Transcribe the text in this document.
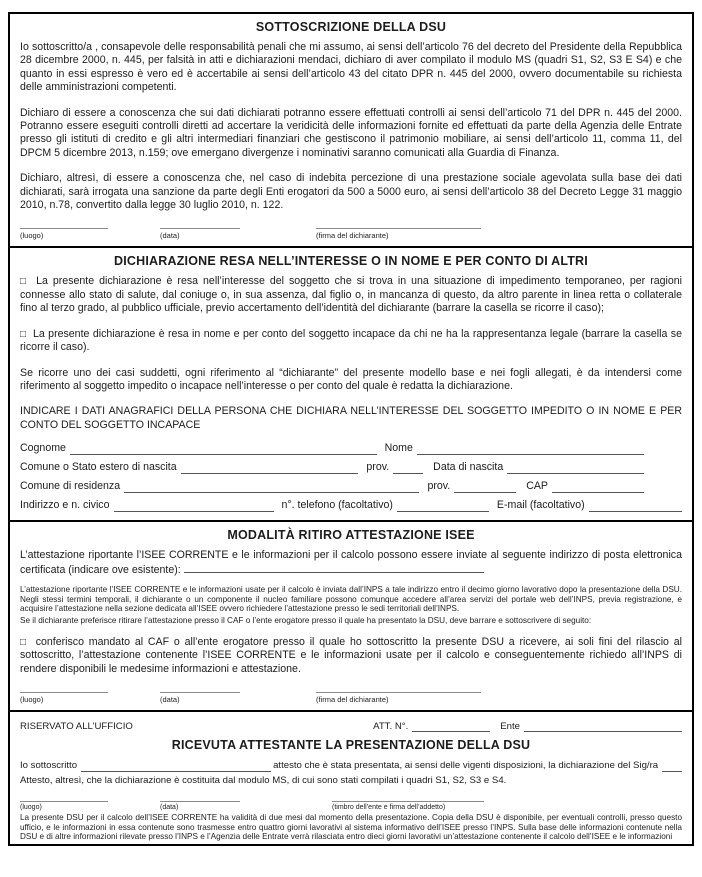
SOTTOSCRIZIONE DELLA DSU

Io sottoscritto/a , consapevole delle responsabilità penali che mi assumo, ai sensi dell’articolo 76 del decreto del Presidente della Repubblica 28 dicembre 2000, n. 445, per falsità in atti e dichiarazioni mendaci, dichiaro di aver compilato il modulo MS (quadri S1, S2, S3 E S4) e che quanto in essi espresso è vero ed è accertabile ai sensi dell’articolo 43 del citato DPR n. 445 del 2000, ovvero documentabile su richiesta delle amministrazioni competenti.

Dichiaro di essere a conoscenza che sui dati dichiarati potranno essere effettuati controlli ai sensi dell’articolo 71 del DPR n. 445 del 2000. Potranno essere eseguiti controlli diretti ad accertare la veridicità delle informazioni fornite ed effettuati da parte della Agenzia delle Entrate presso gli istituti di credito e gli altri intermediari finanziari che gestiscono il patrimonio mobiliare, ai sensi dell’articolo 11, comma 11, del DPCM 5 dicembre 2013, n.159; ove emergano divergenze i nominativi saranno comunicati alla Guardia di Finanza.

Dichiaro, altresì, di essere a conoscenza che, nel caso di indebita percezione di una prestazione sociale agevolata sulla base dei dati dichiarati, sarà irrogata una sanzione da parte degli Enti erogatori da 500 a 5000 euro, ai sensi dell’articolo 38 del Decreto Legge 31 maggio 2010, n.78, convertito dalla legge 30 luglio 2010, n. 122.

(luogo)	(data)	(firma del dichiarante)
DICHIARAZIONE RESA NELL’INTERESSE O IN NOME E PER CONTO DI ALTRI

□ La presente dichiarazione è resa nell’interesse del soggetto che si trova in una situazione di impedimento temporaneo, per ragioni connesse allo stato di salute, dal coniuge o, in sua assenza, dal figlio o, in mancanza di questo, da altro parente in linea retta o collaterale fino al terzo grado, al pubblico ufficiale, previo accertamento dell’identità del dichiarante (barrare la casella se ricorre il caso);

□ La presente dichiarazione è resa in nome e per conto del soggetto incapace da chi ne ha la rappresentanza legale (barrare la casella se ricorre il caso).

Se ricorre uno dei casi suddetti, ogni riferimento al “dichiarante” del presente modello base e nei fogli allegati, è da intendersi come riferimento al soggetto impedito o incapace nell’interesse o per conto del quale è redatta la dichiarazione.

INDICARE I DATI ANAGRAFICI DELLA PERSONA CHE DICHIARA NELL’INTERESSE DEL SOGGETTO IMPEDITO O IN NOME E PER CONTO DEL SOGGETTO INCAPACE

Cognome	Nome
Comune o Stato estero di nascita	prov.	Data di nascita
Comune di residenza	prov.	CAP
Indirizzo e n. civico	n°. telefono (facoltativo)	E-mail (facoltativo)
MODALITÀ RITIRO ATTESTAZIONE ISEE

L’attestazione riportante l’ISEE CORRENTE e le informazioni per il calcolo possono essere inviate al seguente indirizzo di posta elettronica certificata (indicare ove esistente):

L’attestazione riportante l’ISEE CORRENTE e le informazioni usate per il calcolo è inviata dall’INPS a tale indirizzo entro il decimo giorno lavorativo dopo la presentazione della DSU. Negli stessi termini temporali, il dichiarante o un componente il nucleo familiare possono comunque accedere all’area servizi del portale web dell’INPS, previa registrazione, e acquisire l’attestazione nella sezione dedicata all’ISEE ovvero richiedere l’attestazione presso le sedi territoriali dell’INPS.

Se il dichiarante preferisce ritirare l’attestazione presso il CAF o l’ente erogatore presso il quale ha presentato la DSU, deve barrare e sottoscrivere di seguito:

□ conferisco mandato al CAF o all’ente erogatore presso il quale ho sottoscritto la presente DSU a ricevere, ai soli fini del rilascio al sottoscritto, l’attestazione contenente l’ISEE CORRENTE e le informazioni usate per il calcolo e conseguentemente richiedo all’INPS di rendere disponibili le medesime informazioni e attestazione.

(luogo)	(data)	(firma del dichiarante)
RISERVATO ALL’UFFICIO	ATT. N°.	Ente
RICEVUTA ATTESTANTE LA PRESENTAZIONE DELLA DSU
Io sottoscritto	attesto che è stata presentata, ai sensi delle vigenti disposizioni, la dichiarazione del Sig/ra

Attesto, altresì, che la dichiarazione è costituita dal modulo MS, di cui sono stati compilati i quadri S1, S2, S3 e S4.

(luogo)	(data)	(timbro dell’ente e firma dell’addetto)

La presente DSU per il calcolo dell’ISEE CORRENTE ha validità di due mesi dal momento della presentazione. Copia della DSU è disponibile, per eventuali controlli, presso questo ufficio, e le informazioni in essa contenute sono trasmesse entro quattro giorni lavorativi al sistema informativo dell’ISEE presso l’INPS. Sulla base delle informazioni contenute nella DSU e di altre informazioni rilevate presso l’INPS e l’Agenzia delle Entrate verrà rilasciata entro dieci giorni lavorativi un’attestazione contenente il calcolo dell’ISEE e le informazioni
